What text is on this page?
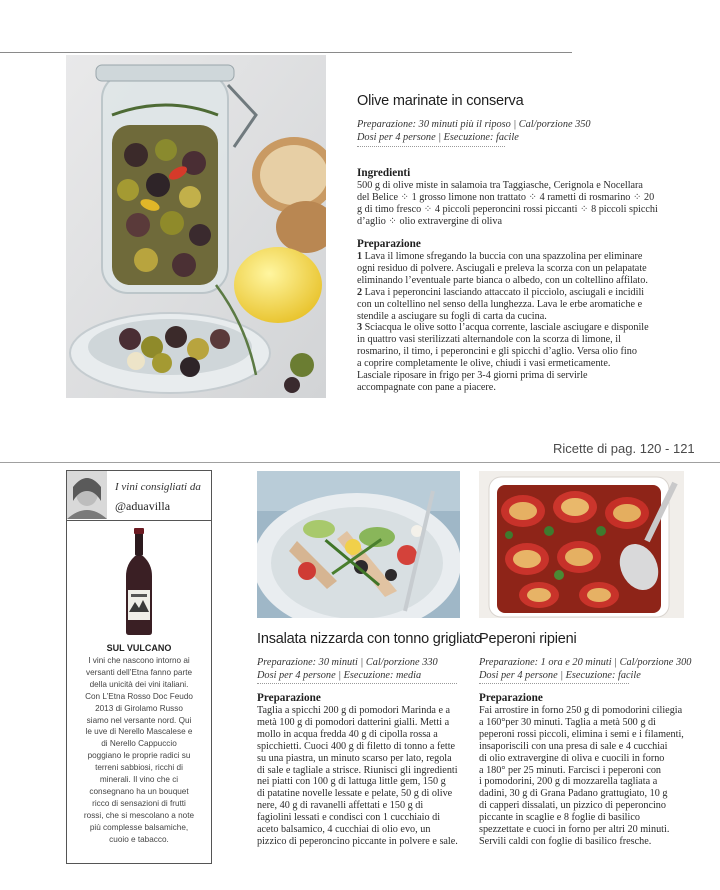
Olive marinate in conserva
Preparazione: 30 minuti più il riposo | Cal/porzione 350
Dosi per 4 persone | Esecuzione: facile
Ingredienti
500 g di olive miste in salamoia tra Taggiasche, Cerignola e Nocellara
del Belice ⁘ 1 grosso limone non trattato ⁘ 4 rametti di rosmarino ⁘ 20
g di timo fresco ⁘ 4 piccoli peperoncini rossi piccanti ⁘ 8 piccoli spicchi
d’aglio ⁘ olio extravergine di oliva
Preparazione
1 Lava il limone sfregando la buccia con una spazzolina per eliminare
ogni residuo di polvere. Asciugali e preleva la scorza con un pelapatate
eliminando l’eventuale parte bianca o albedo, con un coltellino affilato.
2 Lava i peperoncini lasciando attaccato il picciolo, asciugali e incidili
con un coltellino nel senso della lunghezza. Lava le erbe aromatiche e
stendile a asciugare su fogli di carta da cucina.
3 Sciacqua le olive sotto l’acqua corrente, lasciale asciugare e disponile
in quattro vasi sterilizzati alternandole con la scorza di limone, il
rosmarino, il timo, i peperoncini e gli spicchi d’aglio. Versa olio fino
a coprire completamente le olive, chiudi i vasi ermeticamente.
Lasciale riposare in frigo per 3-4 giorni prima di servirle
accompagnate con pane a piacere.
Ricette di pag. 120 - 121
I vini consigliati da
@aduavilla
SUL VULCANO
I vini che nascono intorno ai
versanti dell’Etna fanno parte
della unicità dei vini italiani.
Con L’Etna Rosso Doc Feudo
2013 di Girolamo Russo
siamo nel versante nord. Qui
le uve di Nerello Mascalese e
di Nerello Cappuccio
poggiano le proprie radici su
terreni sabbiosi, ricchi di
minerali. Il vino che ci
consegnano ha un bouquet
ricco di sensazioni di frutti
rossi, che si mescolano a note
più complesse balsamiche,
cuoio e tabacco.
Insalata nizzarda con tonno grigliato
Preparazione: 30 minuti | Cal/porzione 330
Dosi per 4 persone | Esecuzione: media
Preparazione
Taglia a spicchi 200 g di pomodori Marinda e a
metà 100 g di pomodori datterini gialli. Metti a
mollo in acqua fredda 40 g di cipolla rossa a
spicchietti. Cuoci 400 g di filetto di tonno a fette
su una piastra, un minuto scarso per lato, regola
di sale e tagliale a strisce. Riunisci gli ingredienti
nei piatti con 100 g di lattuga little gem, 150 g
di patatine novelle lessate e pelate, 50 g di olive
nere, 40 g di ravanelli affettati e 150 g di
fagiolini lessati e condisci con 1 cucchiaio di
aceto balsamico, 4 cucchiai di olio evo, un
pizzico di peperoncino piccante in polvere e sale.
Peperoni ripieni
Preparazione: 1 ora e 20 minuti | Cal/porzione 300
Dosi per 4 persone | Esecuzione: facile
Preparazione
Fai arrostire in forno 250 g di pomodorini ciliegia
a 160°per 30 minuti. Taglia a metà 500 g di
peperoni rossi piccoli, elimina i semi e i filamenti,
insaporiscili con una presa di sale e 4 cucchiai
di olio extravergine di oliva e cuocili in forno
a 180° per 25 minuti. Farcisci i peperoni con
i pomodorini, 200 g di mozzarella tagliata a
dadini, 30 g di Grana Padano grattugiato, 10 g
di capperi dissalati, un pizzico di peperoncino
piccante in scaglie e 8 foglie di basilico
spezzettate e cuoci in forno per altri 20 minuti.
Servili caldi con foglie di basilico fresche.
